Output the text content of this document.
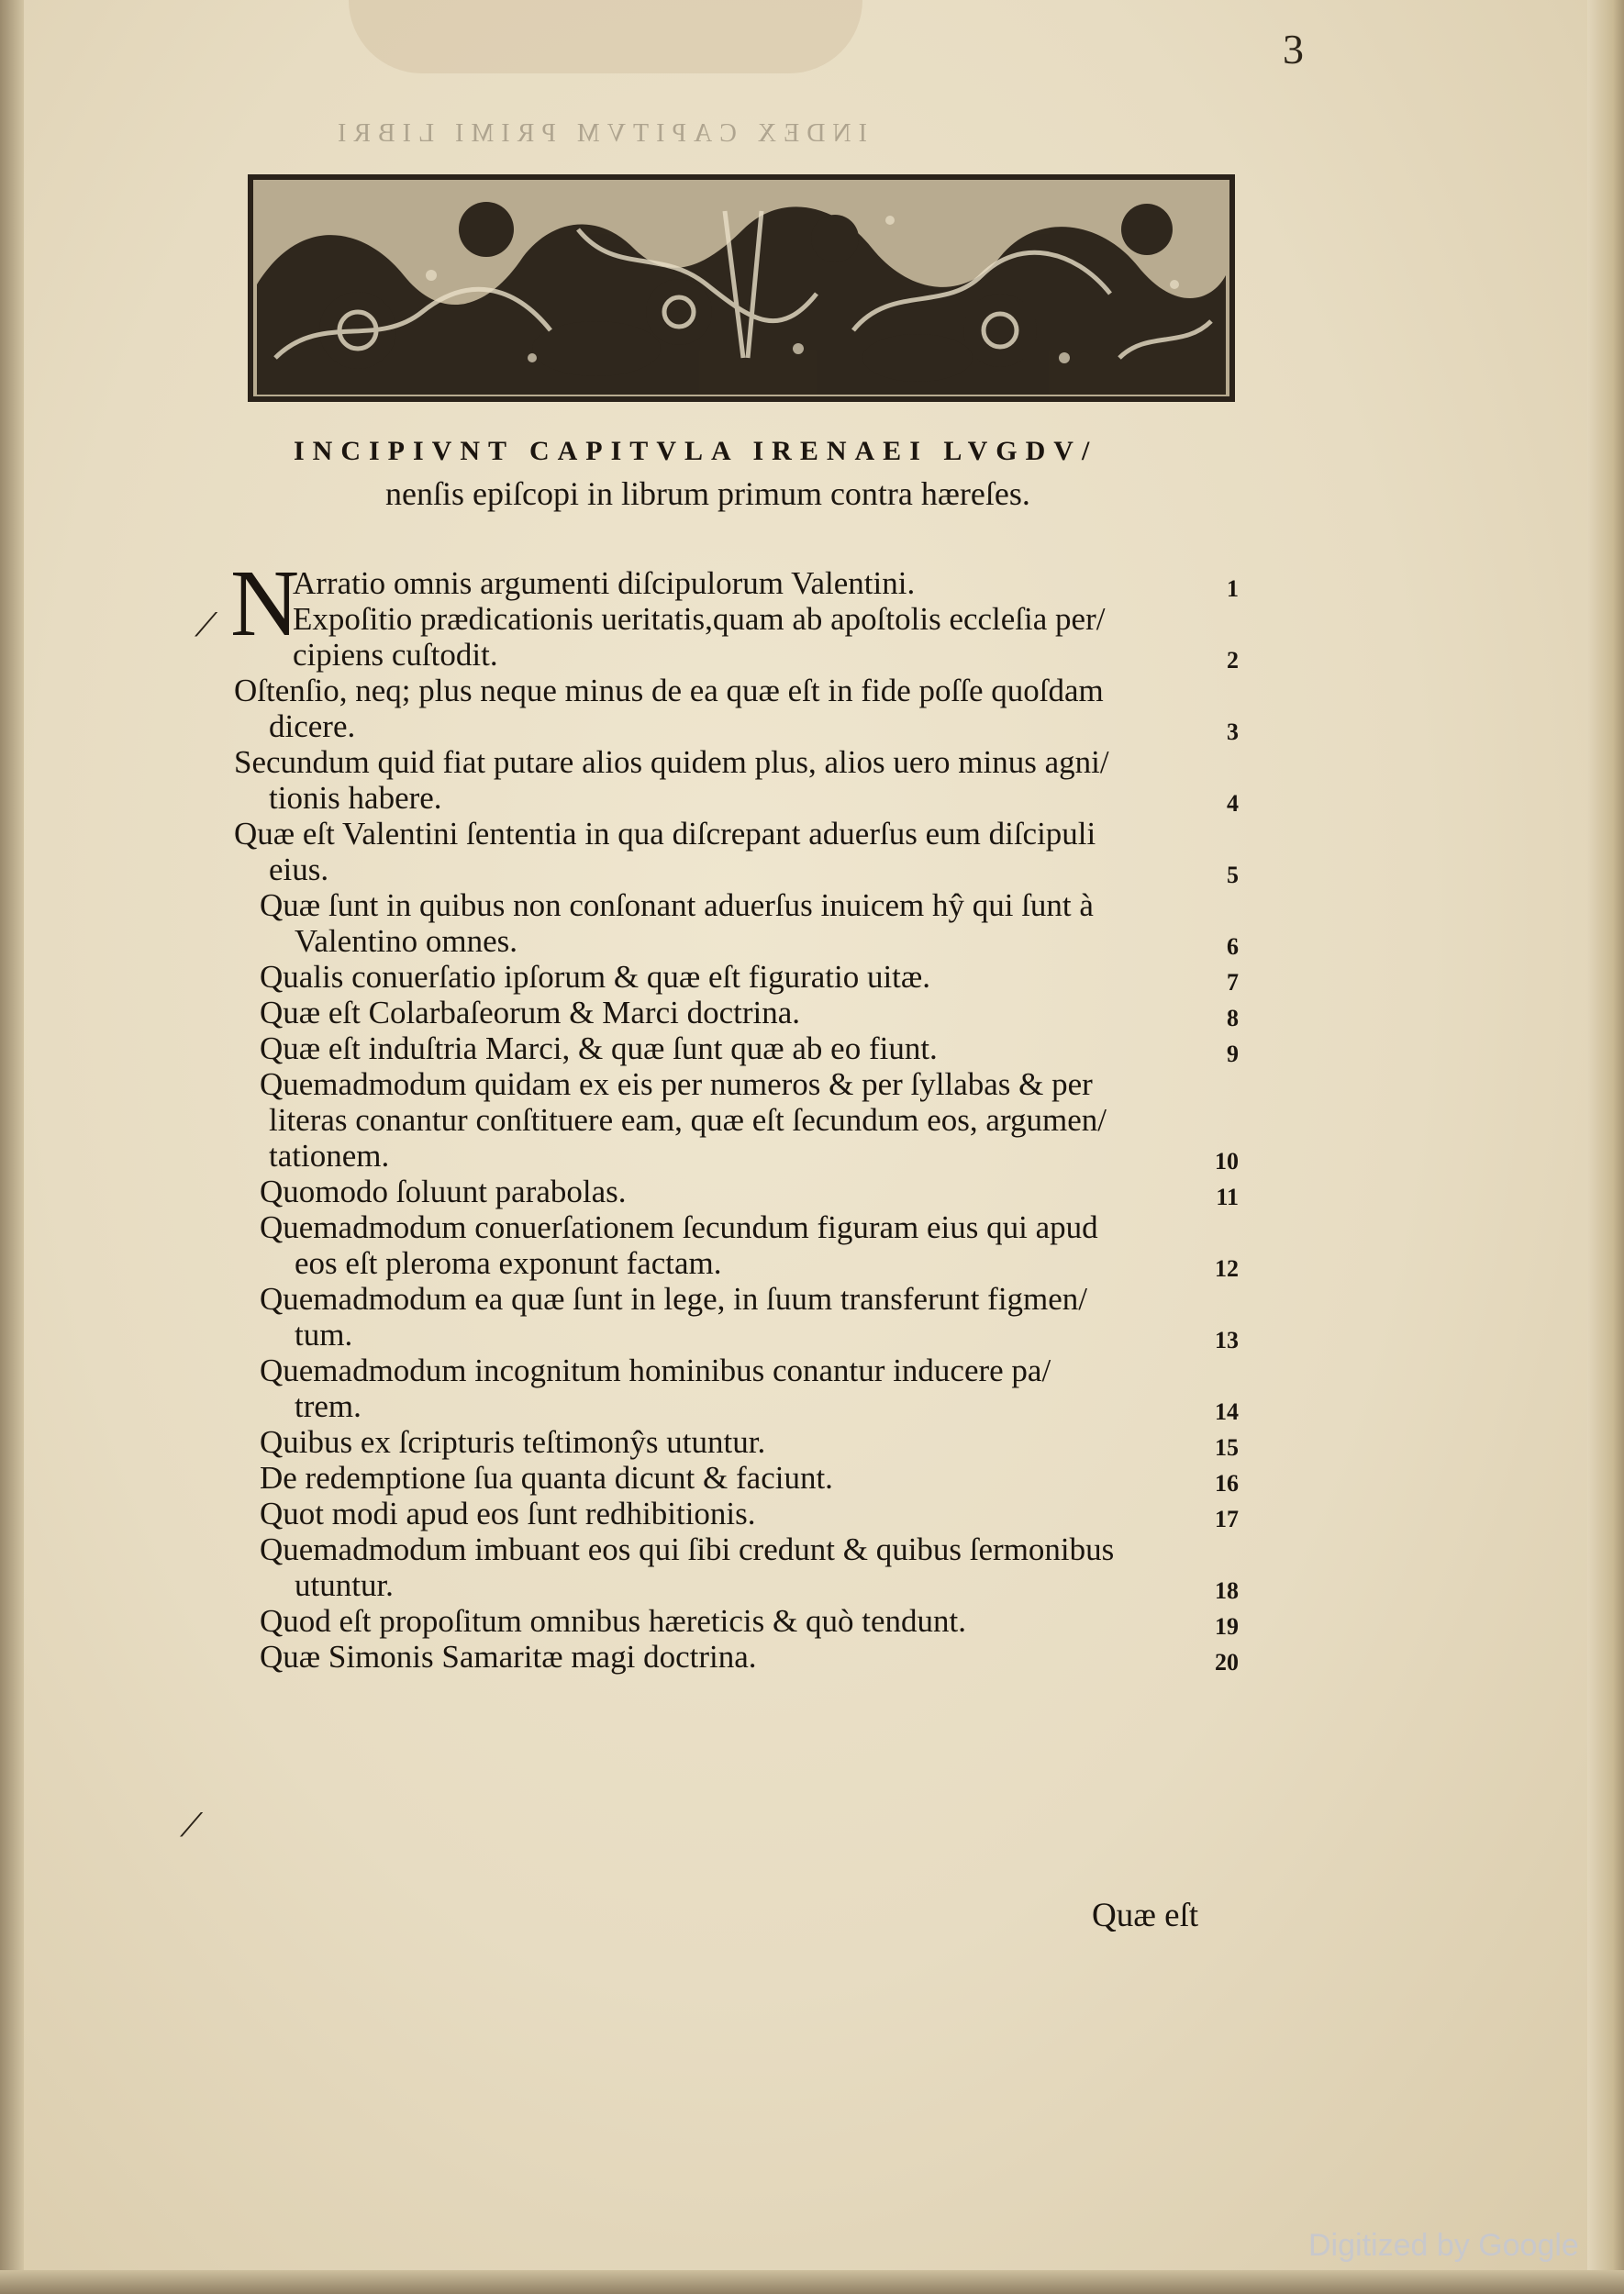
3
INDEX CAPITVM PRIMI LIBRI
INCIPIVNT CAPITVLA IRENAEI LVGDV/
nenſis epiſcopi in librum primum contra hæreſes.
N
Arratio omnis argumenti diſcipulorum Valentini.	1
Expoſitio prædicationis ueritatis,quam ab apoſtolis eccleſia per/
cipiens cuſtodit.	2
Oſtenſio, neq; plus neque minus de ea quæ eſt in fide poſſe quoſdam
dicere.	3
Secundum quid fiat putare alios quidem plus, alios uero minus agni/
tionis habere.	4
Quæ eſt Valentini ſententia in qua diſcrepant aduerſus eum diſcipuli
eius.	5
Quæ ſunt in quibus non conſonant aduerſus inuicem hŷ qui ſunt à
Valentino omnes.	6
Qualis conuerſatio ipſorum & quæ eſt figuratio uitæ.	7
Quæ eſt Colarbaſeorum & Marci doctrina.	8
Quæ eſt induſtria Marci, & quæ ſunt quæ ab eo fiunt.	9
Quemadmodum quidam ex eis per numeros & per ſyllabas & per
literas conantur conſtituere eam, quæ eſt ſecundum eos, argumen/
tationem.	10
Quomodo ſoluunt parabolas.	11
Quemadmodum conuerſationem ſecundum figuram eius qui apud
eos eſt pleroma exponunt factam.	12
Quemadmodum ea quæ ſunt in lege, in ſuum transferunt figmen/
tum.	13
Quemadmodum incognitum hominibus conantur inducere pa/
trem.	14
Quibus ex ſcripturis teſtimonŷs utuntur.	15
De redemptione ſua quanta dicunt & faciunt.	16
Quot modi apud eos ſunt redhibitionis.	17
Quemadmodum imbuant eos qui ſibi credunt & quibus ſermonibus
utuntur.	18
Quod eſt propoſitum omnibus hæreticis & quò tendunt.	19
Quæ Simonis Samaritæ magi doctrina.	20
⟋
⟋
Quæ eſt
Digitized by Google
